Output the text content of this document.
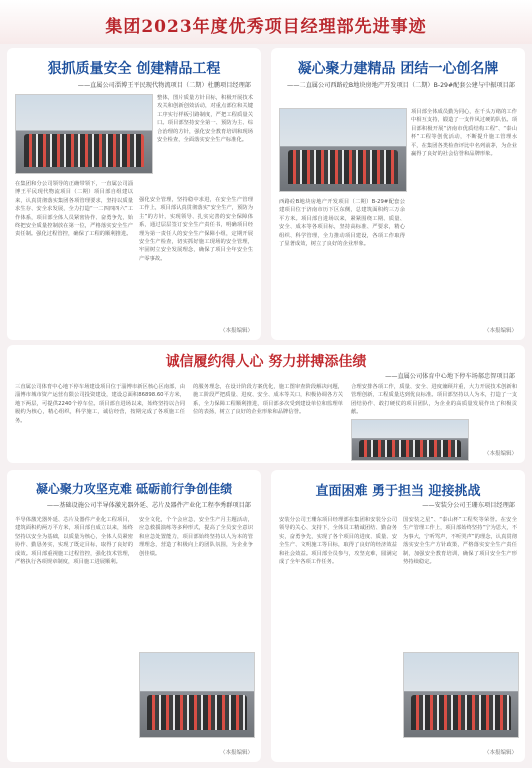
集团2023年度优秀项目经理部先进事迹
狠抓质量安全 创建精品工程
——直属公司淄博王平民现代物流项目（二期）杜鹏项目经理部
整体，图片质量方针目标，积极开展技术攻关和创新创效活动，对重点部位和关键工序实行样板引路制度，严把工程质量关口。项目部坚持安全第一、预防为主、综合治理的方针，强化安全教育培训和现场安全检查，全面落实安全生产标准化。
在集团和分公司领导的正确带领下，一直属公司淄博王平民现代物流项目（二期）项目部自组建以来，认真贯彻落实集团各项管理要求，坚持以质量求生存、安全求发展，全力打造“一二四四四六”工作体系，项目部全体人员紧密协作、奋勇争先，始终把安全质量控制放在第一位，严格落实安全生产责任制。强化过程管控，确保了工程的顺利推进。
强化安全管理，坚持稳中求进，在安全生产管理工作上，项目部认真贯彻落实“安全生产，预防为主”的方针，实现领导、扎实完善的安全保障体系，通过层层签订安全生产责任书，明确项目经理为第一责任人的安全生产保障小组，定期开展安全生产检查，切实抓好施工现场的安全管理，牢固树立安全发展理念，确保了项目全年安全生产零事故。
（本报编辑）
凝心聚力建精品 团结一心创名牌
——二直属公司西路砼B地块房地产开发项目（二期）B-29#配套公建与中振项目部
西路砼B地块房地产开发项目（二期）B-29#配套公建项目位于济南市历下区东侧，总建筑面积约三万余平方米。项目部自进场以来，紧紧围绕工期、质量、安全、成本等各项目标，坚持高标准、严要求，精心组织、科学管理，全力推动项目建设，各项工作取得了显著成效，树立了良好的企业形象。
项目部全体成员勤为同心，在千头万绪的工作中相互支持，锻造了一支作风过硬的队伍。项目部积极开展“济南市优质结构工程”、“泰山杯”工程等创优活动，不断提升施工管理水平，在集团各类检查评比中名列前茅，为企业赢得了良好的社会信誉和品牌形象。
（本报编辑）
诚信履约得人心 努力拼搏添佳绩
——直属公司体育中心地下停车场郝忠智项目部
三直属公司体育中心地下停车场建设项目位于淄博市新区核心区南部，由淄博市城市资产运营有限公司投资建设，建设总面积86898.60平方米，地下两层，可提供2240个停车位。项目部自进场以来，始终坚持以合同履约为核心，精心组织，科学施工，诚信经营，按期完成了各项施工任务。
的服务理念，在设计阶段方案优化，施工图审查阶段解决问题，施工阶段严把质量、进度、安全、成本等关口，积极协调各方关系，全力保障工程顺利推进，项目部多次受到建设单位和监理单位的表扬，树立了良好的企业形象和品牌信誉。
合理安排各项工作，质量、安全、进度兼顾并重，大力开展技术创新和管理创新，工程质量达到优良标准。项目部坚持以人为本，打造了一支团结协作、敢打硬仗的项目团队，为企业的高质量发展作出了积极贡献。
（本报编辑）
凝心聚力攻坚克难 砥砺前行争创佳绩
——基础设施公司半导体激光器外延、芯片及器件产业化工程李秀群项目部
半导体激光器外延、芯片及器件产业化工程项目，建筑面积约两万平方米，项目部自成立以来，始终坚持以安全为基础，以质量为核心，全体人员紧密协作、勤恳务实，实现了既定目标，取得了良好的成效。项目部重视施工过程管控，强化技术管理，严格执行各项规章制度，项目施工进展顺利。
安全文化，个个会应急，安全生产月主题活动，应急救援演练等多种形式，提高了全员安全意识和应急处置能力，项目部始终坚持以人为本的管理理念，营造了积极向上的团队氛围，为企业争创佳绩。
（本报编辑）
直面困难 勇于担当 迎接挑战
——安装分公司王珊东项目经理部
安装分公司王珊东项目经理部在集团和安装分公司领导的关心、支持下，全体员工精诚团结、勤奋务实，奋勇争先，实现了各个项目的进度、质量、安全生产、文明施工等目标，取得了良好的经济效益和社会效益。项目部全员参与，攻坚克难，圆满完成了全年各项工作任务。
国安装之星”、“泰山杯”工程奖等荣誉。在安全生产管理工作上，项目部始终坚持“宁为思大，不为事大，宁听骂声，不听哭声”的理念，认真贯彻落实安全生产方针政策，严格落实安全生产责任制，加强安全教育培训，确保了项目安全生产形势持续稳定。
（本报编辑）
